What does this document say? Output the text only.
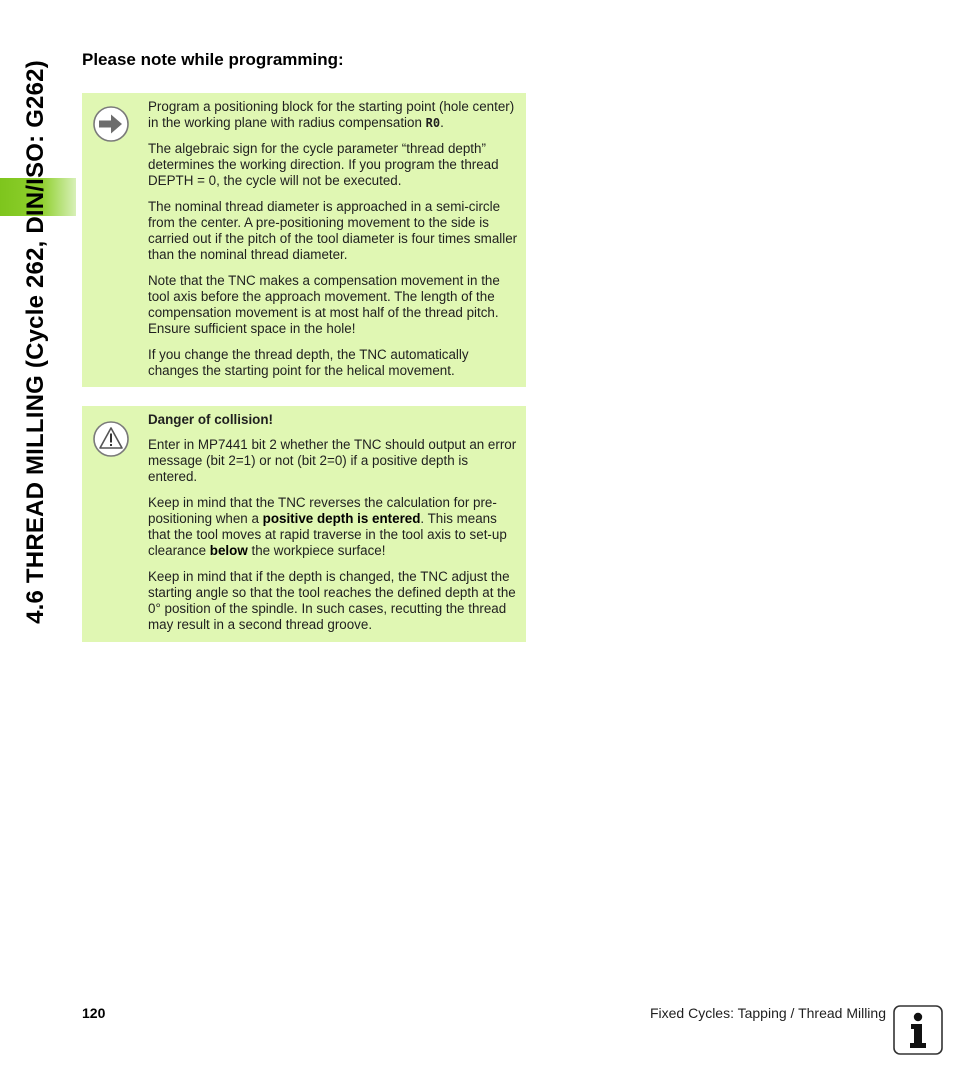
4.6 THREAD MILLING (Cycle 262, DIN/ISO: G262)
Please note while programming:

Program a positioning block for the starting point (hole center) in the working plane with radius compensation R0.

The algebraic sign for the cycle parameter “thread depth” determines the working direction. If you program the thread DEPTH = 0, the cycle will not be executed.

The nominal thread diameter is approached in a semi-circle from the center. A pre-positioning movement to the side is carried out if the pitch of the tool diameter is four times smaller than the nominal thread diameter.

Note that the TNC makes a compensation movement in the tool axis before the approach movement. The length of the compensation movement is at most half of the thread pitch. Ensure sufficient space in the hole!

If you change the thread depth, the TNC automatically changes the starting point for the helical movement.

Danger of collision!

Enter in MP7441 bit 2 whether the TNC should output an error message (bit 2=1) or not (bit 2=0) if a positive depth is entered.

Keep in mind that the TNC reverses the calculation for pre-positioning when a positive depth is entered. This means that the tool moves at rapid traverse in the tool axis to set-up clearance below the workpiece surface!

Keep in mind that if the depth is changed, the TNC adjust the starting angle so that the tool reaches the defined depth at the 0° position of the spindle. In such cases, recutting the thread may result in a second thread groove.

120	Fixed Cycles: Tapping / Thread Milling
